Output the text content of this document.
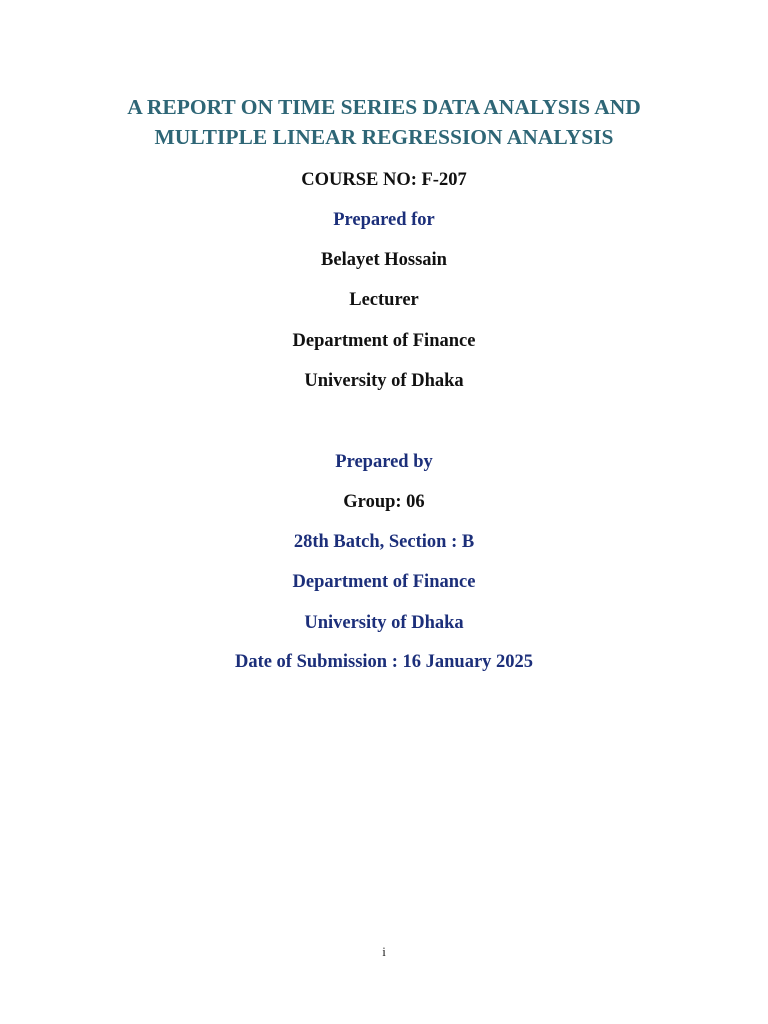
A REPORT ON TIME SERIES DATA ANALYSIS AND
MULTIPLE LINEAR REGRESSION ANALYSIS
COURSE NO: F-207
Prepared for
Belayet Hossain
Lecturer
Department of Finance
University of Dhaka
Prepared by
Group: 06
28th Batch, Section : B
Department of Finance
University of Dhaka
Date of Submission : 16 January 2025
i
